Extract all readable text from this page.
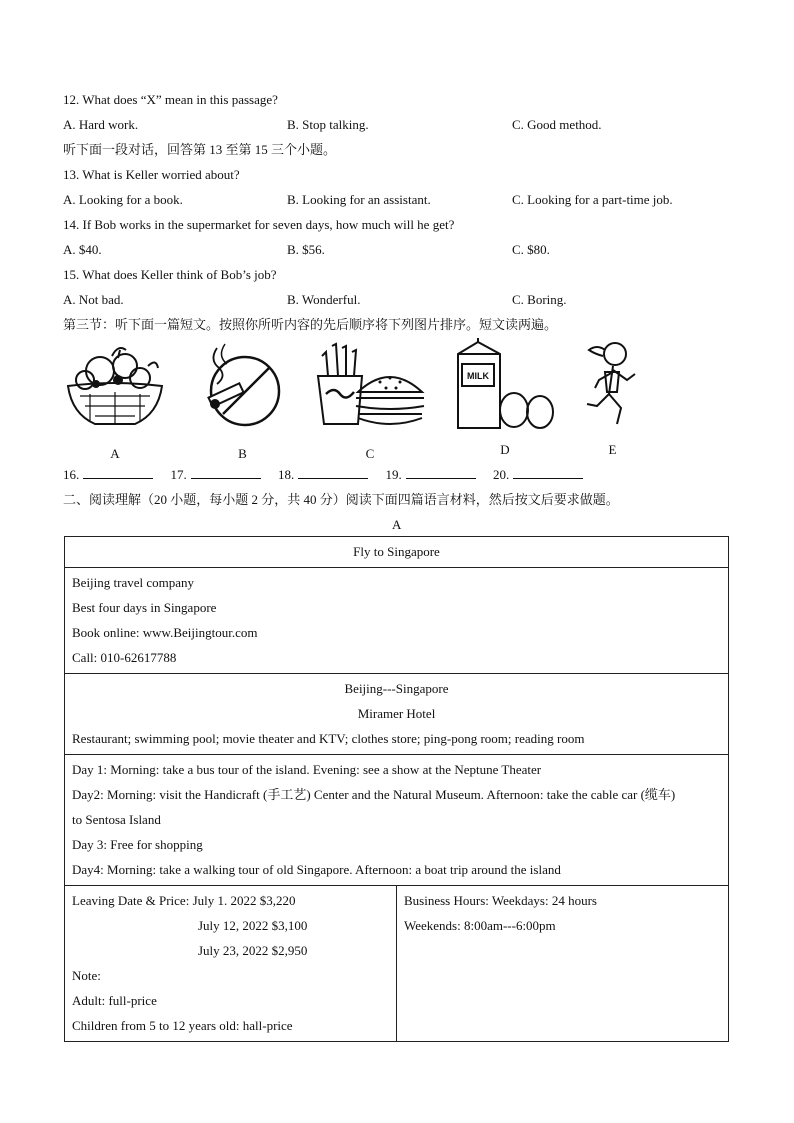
12. What does “X” mean in this passage?
A. Hard work.	B. Stop talking.	C. Good method.
听下面一段对话，回答第 13 至第 15 三个小题。
13. What is Keller worried about?
A. Looking for a book.	B. Looking for an assistant.	C. Looking for a part-time job.
14. If Bob works in the supermarket for seven days, how much will he get?
A. $40.	B. $56.	C. $80.
15. What does Keller think of Bob’s job?
A. Not bad.	B. Wonderful.	C. Boring.
第三节：听下面一篇短文。按照你所听内容的先后顺序将下列图片排序。短文读两遍。
A	B	C
MILK
D	E
16.	17.	18.	19.	20.
二、阅读理解（20 小题，每小题 2 分，共 40 分）阅读下面四篇语言材料，然后按文后要求做题。
A

Fly to Singapore

Beijing travel company

Best four days in Singapore

Book online: www.Beijingtour.com

Call: 010-62617788

Beijing---Singapore

Miramer Hotel

Restaurant; swimming pool; movie theater and KTV; clothes store; ping-pong room; reading room

Day 1: Morning: take a bus tour of the island. Evening: see a show at the Neptune Theater

Day2: Morning: visit the Handicraft (手工艺) Center and the Natural Museum. Afternoon: take the cable car (缆车)

to Sentosa Island

Day 3: Free for shopping

Day4: Morning: take a walking tour of old Singapore. Afternoon: a boat trip around the island

Leaving Date & Price: July 1. 2022 $3,220

July 12, 2022 $3,100

July 23, 2022 $2,950

Note:

Adult: full-price

Children from 5 to 12 years old: hall-price

Business Hours: Weekdays: 24 hours

Weekends: 8:00am---6:00pm
